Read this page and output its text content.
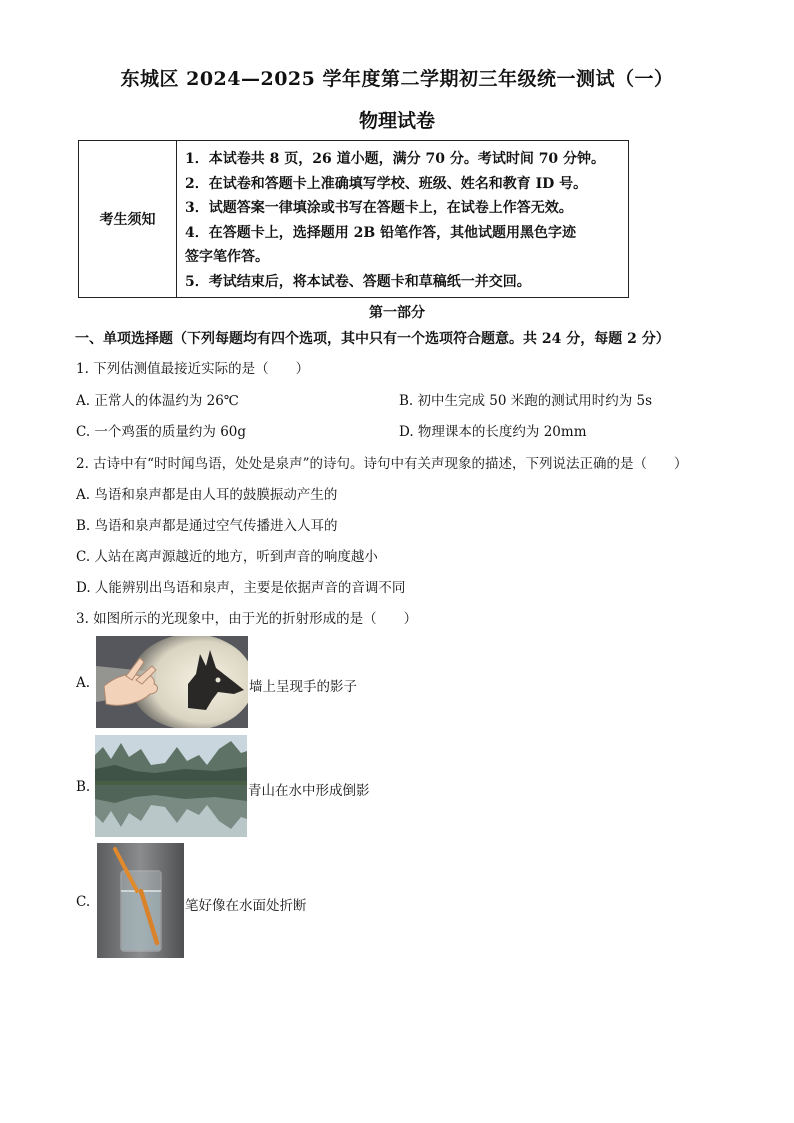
东城区 2024—2025 学年度第二学期初三年级统一测试（一）
物理试卷
考生须知
1．本试卷共 8 页，26 道小题，满分 70 分。考试时间 70 分钟。
2．在试卷和答题卡上准确填写学校、班级、姓名和教育 ID 号。
3．试题答案一律填涂或书写在答题卡上，在试卷上作答无效。
4．在答题卡上，选择题用 2B 铅笔作答，其他试题用黑色字迹
签字笔作答。
5．考试结束后，将本试卷、答题卡和草稿纸一并交回。
第一部分
一、单项选择题（下列每题均有四个选项，其中只有一个选项符合题意。共 24 分，每题 2 分）
1. 下列估测值最接近实际的是（　　）
A. 正常人的体温约为 26℃	B. 初中生完成 50 米跑的测试用时约为 5s
C. 一个鸡蛋的质量约为 60g	D. 物理课本的长度约为 20mm
2. 古诗中有“时时闻鸟语，处处是泉声”的诗句。诗句中有关声现象的描述，下列说法正确的是（　　）
A. 鸟语和泉声都是由人耳的鼓膜振动产生的
B. 鸟语和泉声都是通过空气传播进入人耳的
C. 人站在离声源越近的地方，听到声音的响度越小
D. 人能辨别出鸟语和泉声，主要是依据声音的音调不同
3. 如图所示的光现象中，由于光的折射形成的是（　　）
A.	墙上呈现手的影子
B.	青山在水中形成倒影
C.	笔好像在水面处折断
